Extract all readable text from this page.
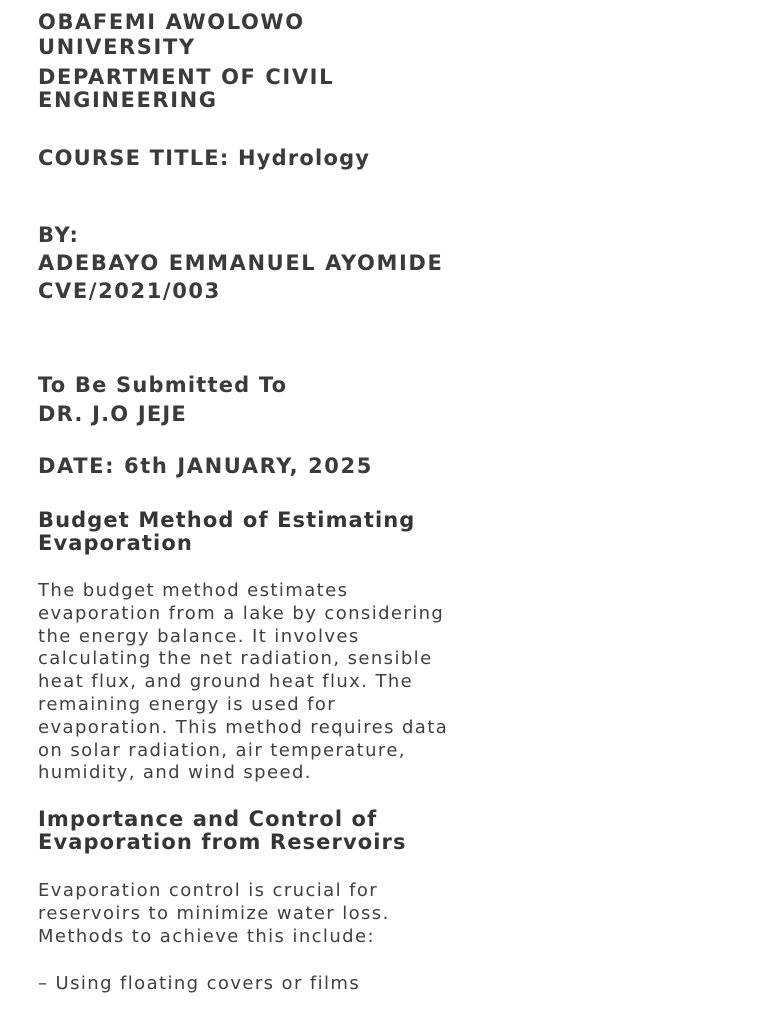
OBAFEMI AWOLOWO
UNIVERSITY
DEPARTMENT OF CIVIL
ENGINEERING
COURSE TITLE: Hydrology
BY:
ADEBAYO EMMANUEL AYOMIDE
CVE/2021/003
To Be Submitted To
DR. J.O JEJE
DATE: 6th JANUARY, 2025
Budget Method of Estimating
Evaporation
The budget method estimates
evaporation from a lake by considering
the energy balance. It involves
calculating the net radiation, sensible
heat flux, and ground heat flux. The
remaining energy is used for
evaporation. This method requires data
on solar radiation, air temperature,
humidity, and wind speed.
Importance and Control of
Evaporation from Reservoirs
Evaporation control is crucial for
reservoirs to minimize water loss.
Methods to achieve this include:
– Using floating covers or films
